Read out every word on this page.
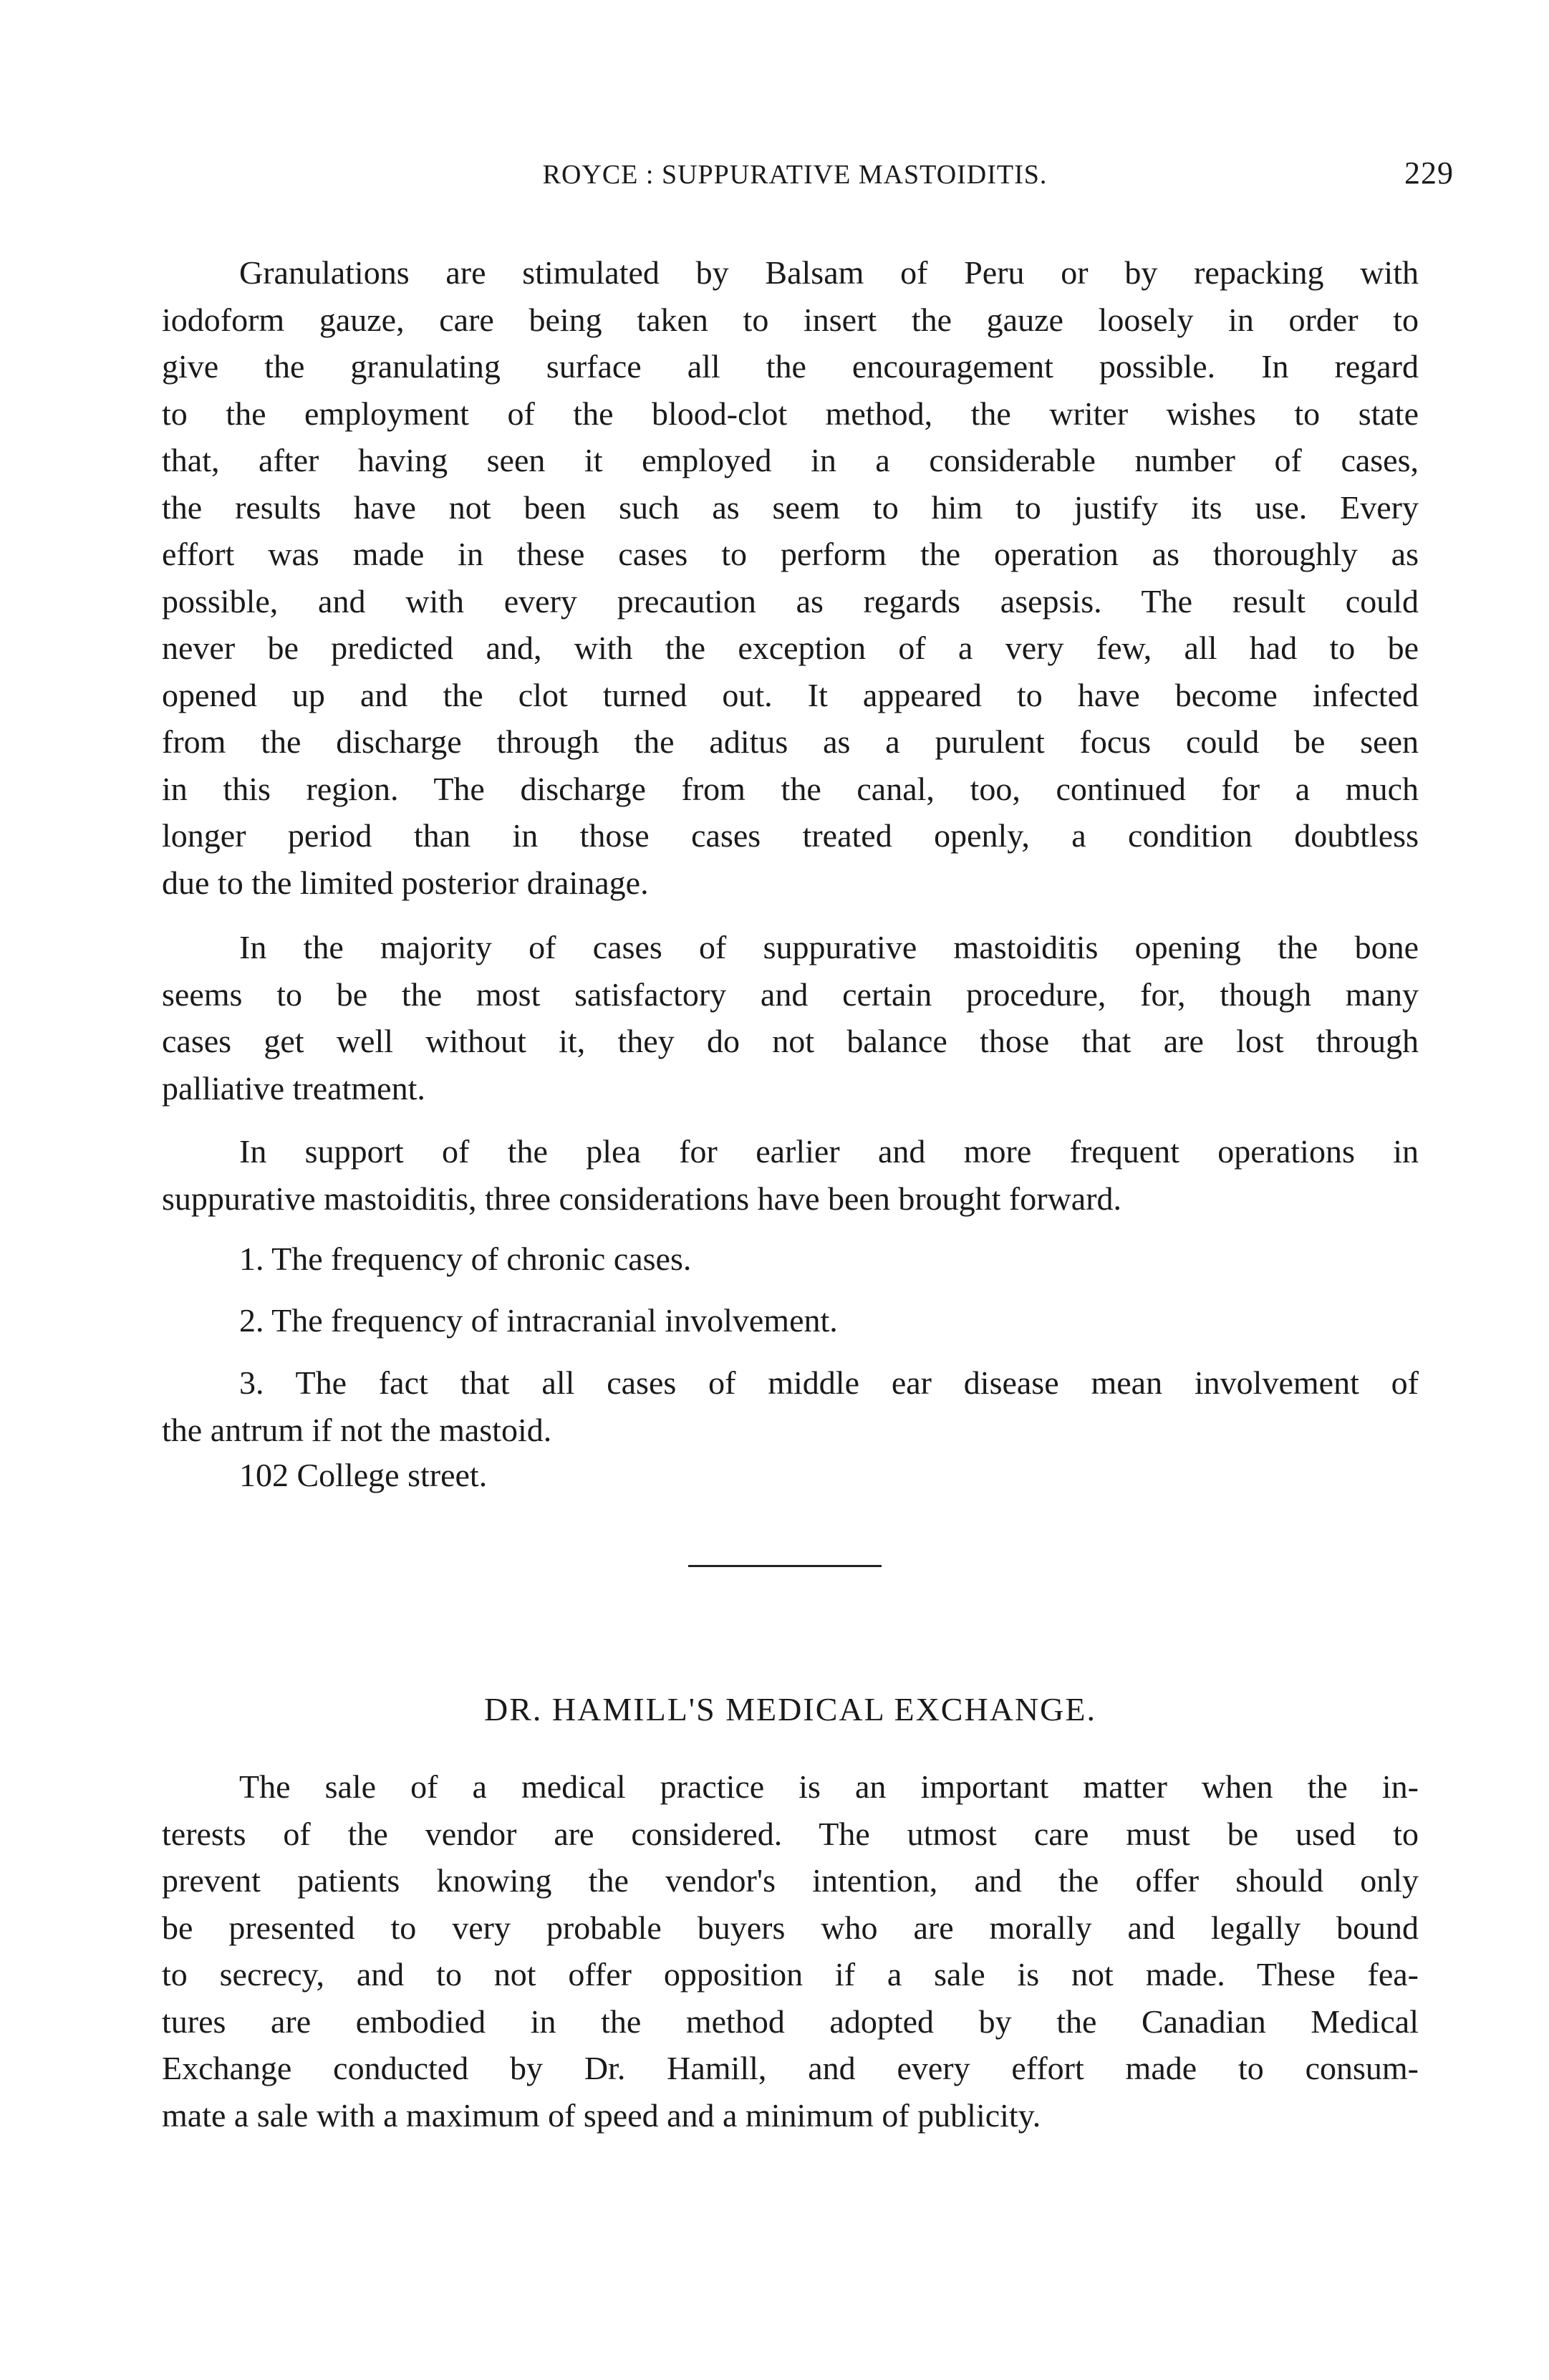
ROYCE : SUPPURATIVE MASTOIDITIS.	229
Granulations are stimulated by Balsam of Peru or by repacking with
iodoform gauze, care being taken to insert the gauze loosely in order to
give the granulating surface all the encouragement possible. In regard
to the employment of the blood-clot method, the writer wishes to state
that, after having seen it employed in a considerable number of cases,
the results have not been such as seem to him to justify its use. Every
effort was made in these cases to perform the operation as thoroughly as
possible, and with every precaution as regards asepsis. The result could
never be predicted and, with the exception of a very few, all had to be
opened up and the clot turned out. It appeared to have become infected
from the discharge through the aditus as a purulent focus could be seen
in this region. The discharge from the canal, too, continued for a much
longer period than in those cases treated openly, a condition doubtless
due to the limited posterior drainage.
In the majority of cases of suppurative mastoiditis opening the bone
seems to be the most satisfactory and certain procedure, for, though many
cases get well without it, they do not balance those that are lost through
palliative treatment.
In support of the plea for earlier and more frequent operations in
suppurative mastoiditis, three considerations have been brought forward.
1. The frequency of chronic cases.
2. The frequency of intracranial involvement.
3. The fact that all cases of middle ear disease mean involvement of
the antrum if not the mastoid.
102 College street.
DR. HAMILL'S MEDICAL EXCHANGE.
The sale of a medical practice is an important matter when the in-
terests of the vendor are considered. The utmost care must be used to
prevent patients knowing the vendor's intention, and the offer should only
be presented to very probable buyers who are morally and legally bound
to secrecy, and to not offer opposition if a sale is not made. These fea-
tures are embodied in the method adopted by the Canadian Medical
Exchange conducted by Dr. Hamill, and every effort made to consum-
mate a sale with a maximum of speed and a minimum of publicity.
